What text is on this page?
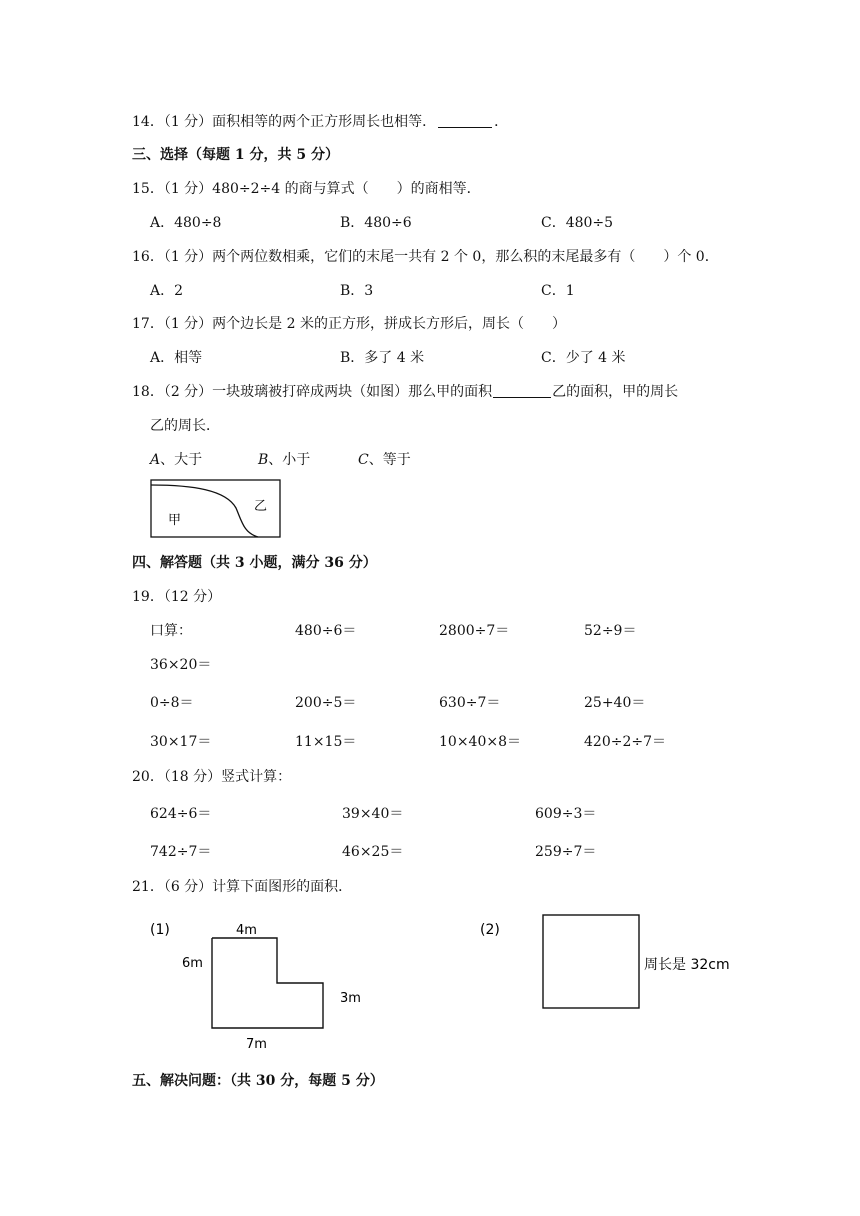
14．（1 分）面积相等的两个正方形周长也相等．	．
三、选择（每题 1 分，共 5 分）
15．（1 分）480÷2÷4 的商与算式（　　）的商相等．
A．480÷8	B．480÷6	C．480÷5
16．（1 分）两个两位数相乘，它们的末尾一共有 2 个 0，那么积的末尾最多有（　　）个 0．
A．2	B．3	C．1
17．（1 分）两个边长是 2 米的正方形，拼成长方形后，周长（　　）
A．相等	B．多了 4 米	C．少了 4 米
18．（2 分）一块玻璃被打碎成两块（如图）那么甲的面积	乙的面积，甲的周长
乙的周长．
A、大于	B、小于	C、等于
甲
乙
四、解答题（共 3 小题，满分 36 分）
19．（12 分）
口算：	480÷6＝	2800÷7＝	52÷9＝
36×20＝
0÷8＝	200÷5＝	630÷7＝	25+40＝
30×17＝	11×15＝	10×40×8＝	420÷2÷7＝
20．（18 分）竖式计算：
624÷6＝	39×40＝	609÷3＝
742÷7＝	46×25＝	259÷7＝
21．（6 分）计算下面图形的面积．
(1)	4m
6m
3m
7m
(2)
周长是 32cm
五、解决问题：（共 30 分，每题 5 分）
